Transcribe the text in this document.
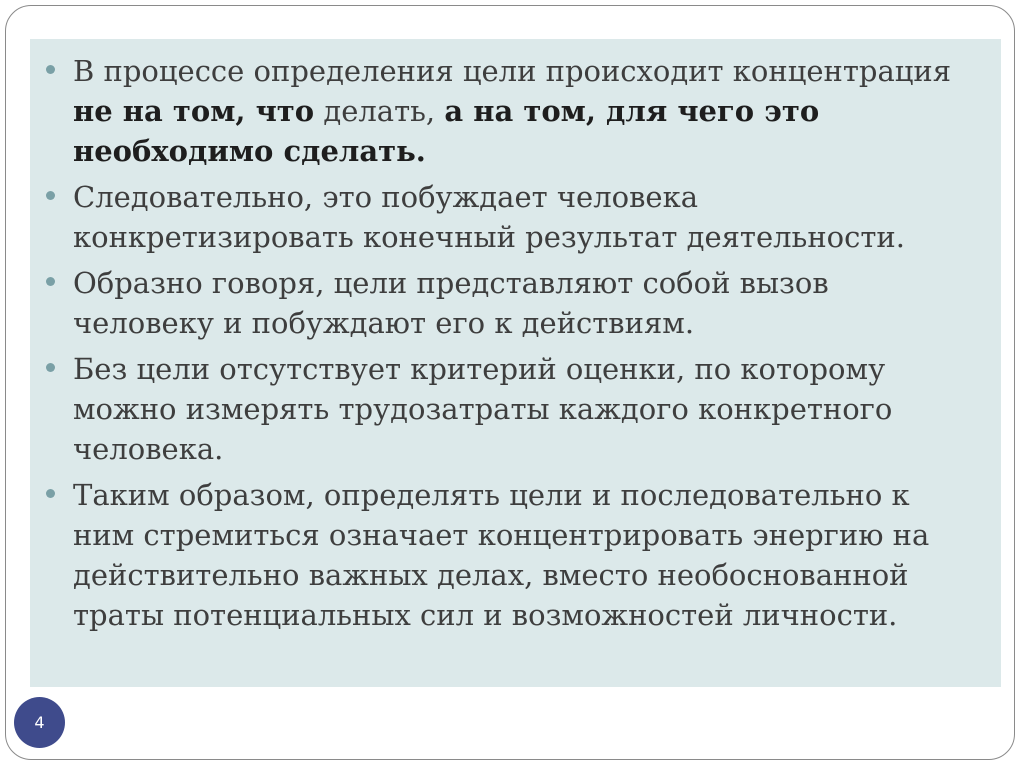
В процессе определения цели происходит концентрация не на том, что делать, а на том, для чего это необходимо сделать.
Следовательно, это побуждает человека конкретизировать конечный результат деятельности.
Образно говоря, цели представляют собой вызов человеку и побуждают его к действиям.
Без цели отсутствует критерий оценки, по которому можно измерять трудозатраты каждого конкретного человека.
Таким образом, определять цели и последовательно к ним стремиться означает концентрировать энергию на действительно важных делах, вместо необоснованной траты потенциальных сил и возможностей личности.
4
